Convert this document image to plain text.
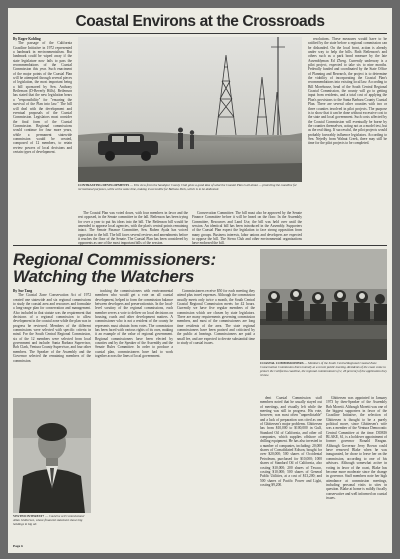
Coastal Environs at the Crossroads
By Roger Kohling

The passage of the California Coastline Initiative in 1972 represented a landmark in environmentalism. But landmark could be wiped away if the state legislature now fails to pass the recommendations of the Coastal Commission this year. Such enactment of the major points of the Coastal Plan will be attempted through several pieces of legislation, the most important being a bill sponsored by Sen. Anthony Beilenson (D-Beverly Hills). Beilenson has stated that the new legislation bears a "responsibility" for "ensuring the survival of the Plan into law." The bill will deal with the development and eventual proposals of the Coastal Commission. Legislators must consider the final form of the Coastal Commission. Regional commissions would continue for four more years, while a permanent statewide commission would be created, composed of 12 members, to retain review powers of local decisions and certain types of development.

CONTRASTING DEVELOPMENTS — This view from the Sandspur County Club gives a good idea of what the Coastal Plan is all about — protecting the coastline for recreational purposes, while at the same time, making it accessible for Ballona Park, which is to be dedicated.

The Coastal Plan was voted down, with four members in favor and the rest opposed, in the Senate committee in the fall. Beilenson has been trying for over a year to put his ideas into the bill. The Beilenson bill would be amended to appease local agencies, with the plan's central points remaining intact. The Senate Finance Committee, Sen. Ruben Ayala has voiced opposition to the bill. The bill faces several reviews and amendments before it reaches the floor of the Senate. The Coastal Plan has been considered by opponents as one of the most important bills of the session.

Conservation Committee. The bill must also be approved by the Senate Finance Committee before it will be heard on the floor. In the Assembly Committee, Resources and Land Use, the bill was held over until the session. An identical bill has been introduced in the Assembly. Supporters of the Coastal Plan expect the legislation to face strong opposition from many groups. Business interests, labor unions and developers are expected to oppose the bill. The Sierra Club and other environmental organizations have endorsed the bill.

resolutions. These measures would have to be ratified by the state before a regional commission can be disbanded. On the local front, action is already under way to help the bills. Both Beilenson's and others such as a park bond measure by the late Assemblyman Ed Z'berg. Currently underway is a pilot project, expected to take six to nine months. Federally funded and coordinated by the State Office of Planning and Research, the project is to determine the viability of incorporating the Coastal Plan's recommendations into existing local law. According to Bill Morehouse, head of the South Central Regional Coastal Commission, the county will go to getting input from residents, and a total cost of applying the Plan's provisions to the Santa Barbara County Coastal Plan. There are several other counties with two or three counties involved in pilot projects. The purpose is to show that it can be done without excessive cost to the state and local government. Such costs affected by the Coastal Commission will eventually be borne by the counties themselves, acting not as a model test, but as the real thing. If successful, the pilot projects would probably favorably influence legislators. According to Sen. Nejedly from Walnut Creek, there may still be time for the pilot projects to be completed.

Regional Commissioners: Watching the Watchers
COASTAL COMMISSIONERS — Members of the South Central Regional Coastal Zone Conservation Commission listen intently at a recent public meeting. Residents of the coast come to protect the California coastline, the regional commissioners (l-r, 26 percent) of the application they review.
By Sue Tang

The Coastal Zone Conservation Act of 1972 created one statewide and six regional commissions to study the coastal area and resources and formulate a long-range plan for conservation and management. Also included in that statute was the requirement that decisions of a regional commission to allow development in the coastal zone while the plan was in progress be reviewed. Members of the different commissions were selected with specific criteria in mind. For the South Central Regional Commission, six of the 12 members were selected from local government and include: Santa Barbara Supervisor, Bob Clark, Ventura County Supervisor, and four other members. The Speaker of the Assembly and the Governor selected the remaining members of the commission.

tracking the commissioners with environmental members who would get a vote on all coastal development, helped to form the commission balance between developers and preservationists. In the local-level scrutiny of the regional commissions, each member serves a vote to deliver on local decisions on housing, roads and other development matters. A commissioner who is not a resident of the county he represents must abstain from votes. The commission has been faced with various rights of its own, making it an example of the value of regional government. Regional commissioners have been elected by counties and by the Speaker of the Assembly and the Senate Rules Committee. In order to produce a coastal plan, commissioners have had to work together across the lines of local government.

Commissioners receive $50 for each meeting they attend plus travel expenses. Although the commission usually meets only twice a month, the South Central Coastal Regional Commission meets for 42 hours. Currently we have five regular members of the commission which are chosen by state legislators. There are many requirements governing commission members, and most of the commissioners are long time residents of the area. The state regional commissioners have been praised and criticized by the public at hearings. Commissioners are paid a small fee, and are expected to devote substantial time to study of coastal issues.

dent Coastal Commission staff members noted that he usually stayed out of meetings, and visually left while the meeting was still in progress. His vote, however, was most often "unpredictable" and a lack of preparation was cited as one of Ghittersen's major problems. Ghittersen has from $10,000 to $100,000 in Gulf, Standard Oil of California, and other oil companies, which supplies offshore oil drilling equipment. He has also invested in a number of companies, including: 20,000 shares of Consolidated Edison, bought for over $20,000; 500 shares of Occidental Petroleum, purchased for $10,000; 1000 shares of Standard Oil of California, also costing $10,000; 200 shares of Texaco, costing $10,000; 500 shares of General Public Utilities, at a cost of $13,200; and 500 shares of Pacific Power and Light, costing $9,200.

Ghittersen was appointed in January 1973 by then-Speaker of the Assembly Bob Moretti. Although Moretti was one of the biggest supporters in favor of the Coastline Initiative, the selection of Ghittersen is thought to be a purely political move, since Ghittersen's wife was a member of the Ventura Democratic Central Committee at the time. DORIS BLAKE, 61, is a holdover appointment of former governor Ronald Reagan. Although Governor Jerry Brown could have removed Blake when he was inaugurated, he chose to leave her on the commission, according to one of his advisors. Although somewhat active in voting in favor of the coast, Blake has become more moderate since the change in governor. Staff members note her high attendance at commission meetings, including personal visits to sites in question. Blake at home is mildly fiscally conservative and well informed on coastal issues.

VESTED INTEREST? — Could he sell Commissioner Allan Ghittersen, whose financial statement shows big holdings in big oil.
Page 6
